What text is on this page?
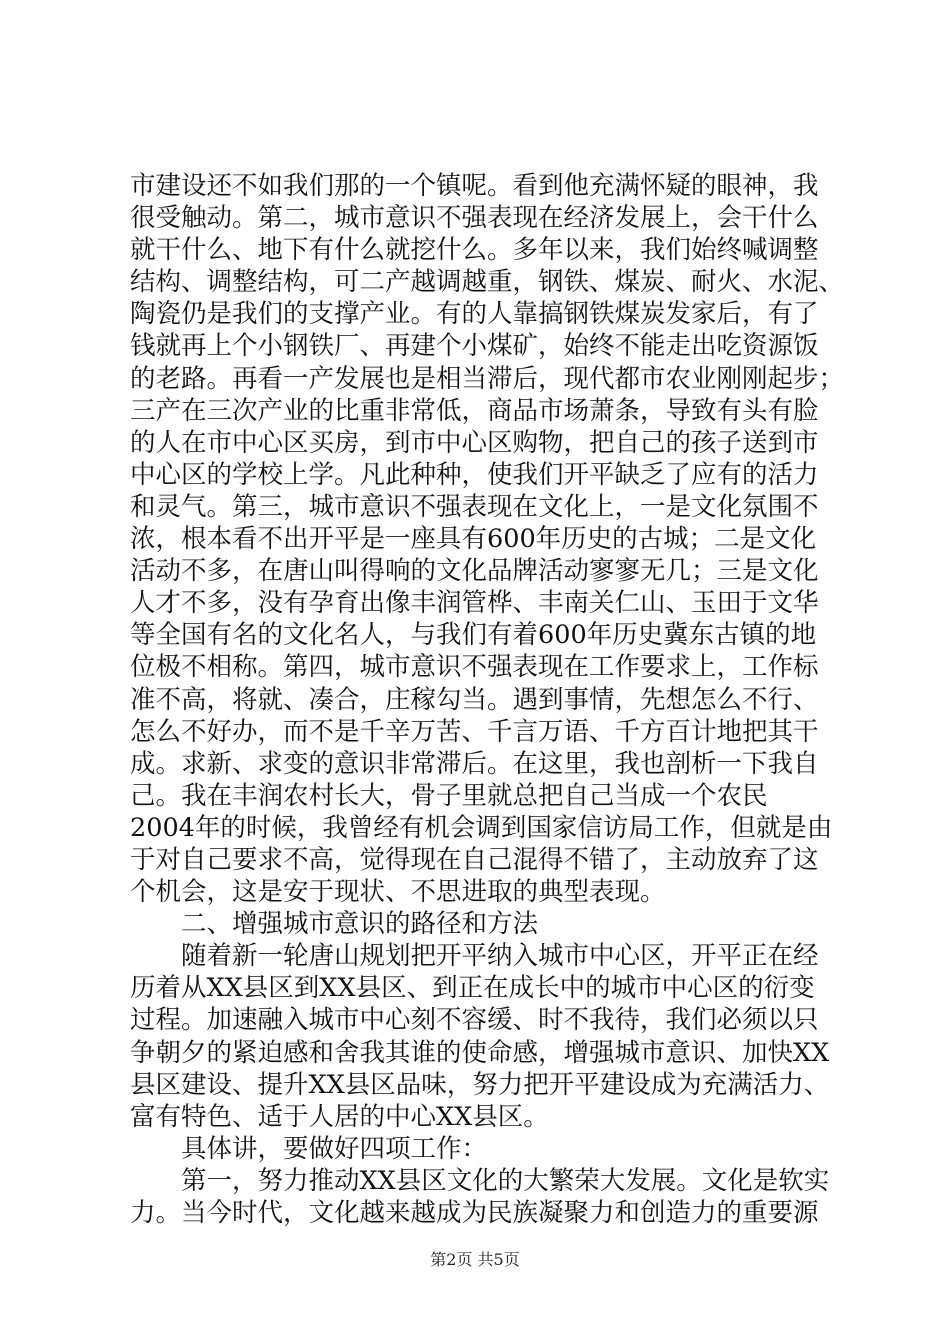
市建设还不如我们那的一个镇呢。看到他充满怀疑的眼神，我
很受触动。第二，城市意识不强表现在经济发展上，会干什么
就干什么、地下有什么就挖什么。多年以来，我们始终喊调整
结构、调整结构，可二产越调越重，钢铁、煤炭、耐火、水泥、
陶瓷仍是我们的支撑产业。有的人靠搞钢铁煤炭发家后，有了
钱就再上个小钢铁厂、再建个小煤矿，始终不能走出吃资源饭
的老路。再看一产发展也是相当滞后，现代都市农业刚刚起步；
三产在三次产业的比重非常低，商品市场萧条，导致有头有脸
的人在市中心区买房，到市中心区购物，把自己的孩子送到市
中心区的学校上学。凡此种种，使我们开平缺乏了应有的活力
和灵气。第三，城市意识不强表现在文化上，一是文化氛围不
浓，根本看不出开平是一座具有600年历史的古城；二是文化
活动不多，在唐山叫得响的文化品牌活动寥寥无几；三是文化
人才不多，没有孕育出像丰润管桦、丰南关仁山、玉田于文华
等全国有名的文化名人，与我们有着600年历史冀东古镇的地
位极不相称。第四，城市意识不强表现在工作要求上，工作标
准不高，将就、凑合，庄稼勾当。遇到事情，先想怎么不行、
怎么不好办，而不是千辛万苦、千言万语、千方百计地把其干
成。求新、求变的意识非常滞后。在这里，我也剖析一下我自
己。我在丰润农村长大，骨子里就总把自己当成一个农民
2004年的时候，我曾经有机会调到国家信访局工作，但就是由
于对自己要求不高，觉得现在自己混得不错了，主动放弃了这
个机会，这是安于现状、不思进取的典型表现。
　　二、增强城市意识的路径和方法
　　随着新一轮唐山规划把开平纳入城市中心区，开平正在经
历着从XX县区到XX县区、到正在成长中的城市中心区的衍变
过程。加速融入城市中心刻不容缓、时不我待，我们必须以只
争朝夕的紧迫感和舍我其谁的使命感，增强城市意识、加快XX
县区建设、提升XX县区品味，努力把开平建设成为充满活力、
富有特色、适于人居的中心XX县区。
　　具体讲，要做好四项工作：
　　第一，努力推动XX县区文化的大繁荣大发展。文化是软实
力。当今时代，文化越来越成为民族凝聚力和创造力的重要源
第2页 共5页
